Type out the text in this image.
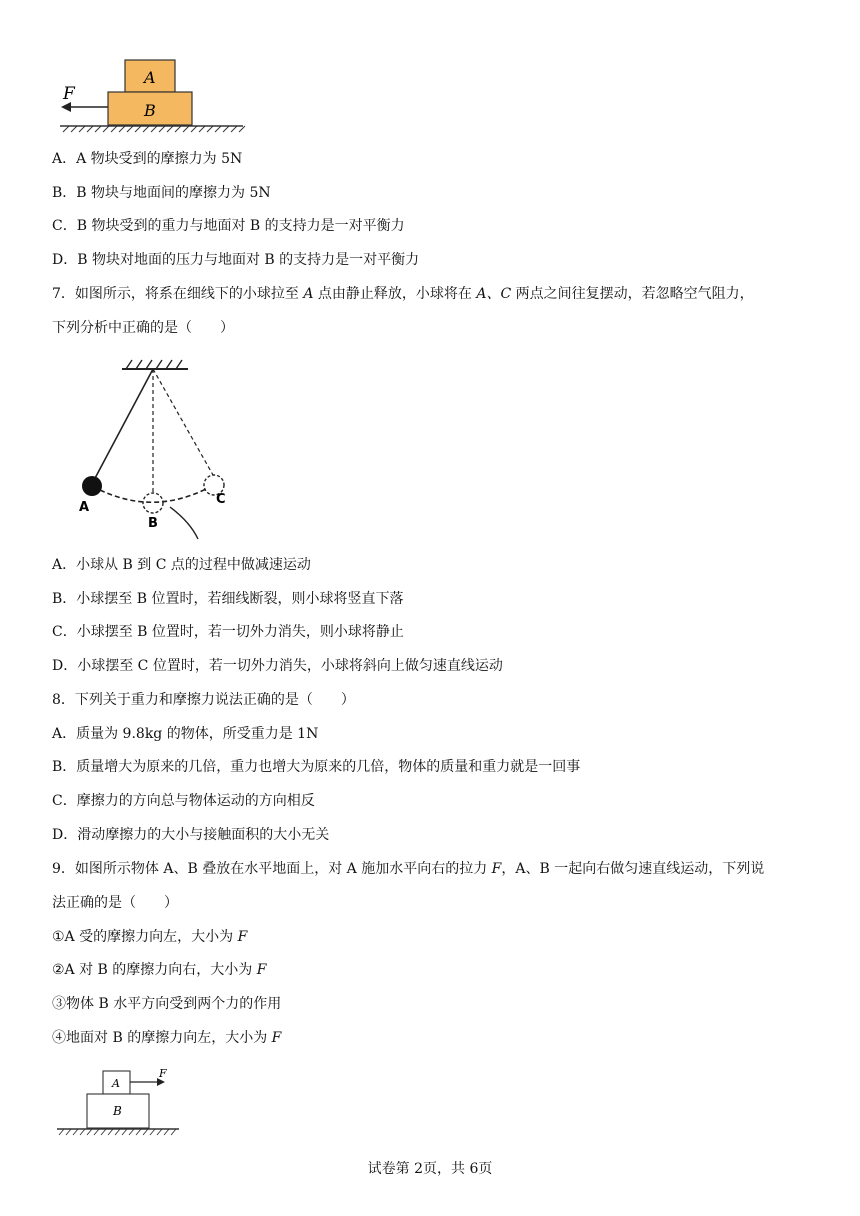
F
A
B
A．A 物块受到的摩擦力为 5N
B．B 物块与地面间的摩擦力为 5N
C．B 物块受到的重力与地面对 B 的支持力是一对平衡力
D．B 物块对地面的压力与地面对 B 的支持力是一对平衡力
7．如图所示，将系在细线下的小球拉至 A 点由静止释放，小球将在 A、C 两点之间往复摆动，若忽略空气阻力，
下列分析中正确的是（　　）
A
B
C
A．小球从 B 到 C 点的过程中做减速运动
B．小球摆至 B 位置时，若细线断裂，则小球将竖直下落
C．小球摆至 B 位置时，若一切外力消失，则小球将静止
D．小球摆至 C 位置时，若一切外力消失，小球将斜向上做匀速直线运动
8．下列关于重力和摩擦力说法正确的是（　　）
A．质量为 9.8kg 的物体，所受重力是 1N
B．质量增大为原来的几倍，重力也增大为原来的几倍，物体的质量和重力就是一回事
C．摩擦力的方向总与物体运动的方向相反
D．滑动摩擦力的大小与接触面积的大小无关
9．如图所示物体 A、B 叠放在水平地面上，对 A 施加水平向右的拉力 F，A、B 一起向右做匀速直线运动，下列说
法正确的是（　　）
①A 受的摩擦力向左，大小为 F
②A 对 B 的摩擦力向右，大小为 F
③物体 B 水平方向受到两个力的作用
④地面对 B 的摩擦力向左，大小为 F
F
A
B
试卷第 2页，共 6页
